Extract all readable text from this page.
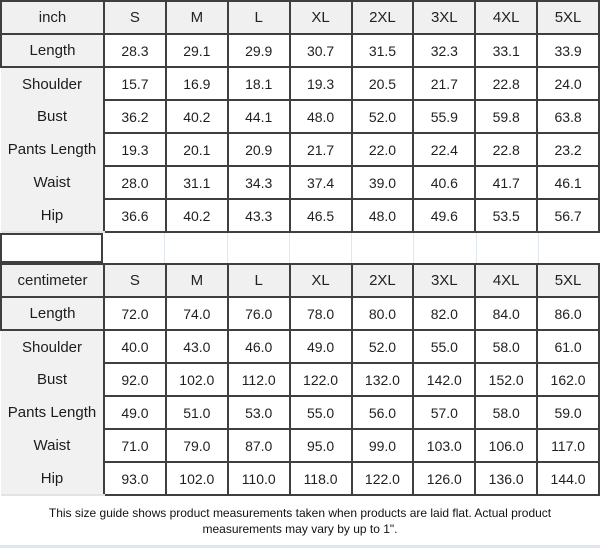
inch	S	M	L	XL	2XL	3XL	4XL	5XL
Length	28.3	29.1	29.9	30.7	31.5	32.3	33.1	33.9
Shoulder	15.7	16.9	18.1	19.3	20.5	21.7	22.8	24.0
Bust	36.2	40.2	44.1	48.0	52.0	55.9	59.8	63.8
Pants Length	19.3	20.1	20.9	21.7	22.0	22.4	22.8	23.2
Waist	28.0	31.1	34.3	37.4	39.0	40.6	41.7	46.1
Hip	36.6	40.2	43.3	46.5	48.0	49.6	53.5	56.7
centimeter	S	M	L	XL	2XL	3XL	4XL	5XL
Length	72.0	74.0	76.0	78.0	80.0	82.0	84.0	86.0
Shoulder	40.0	43.0	46.0	49.0	52.0	55.0	58.0	61.0
Bust	92.0	102.0	112.0	122.0	132.0	142.0	152.0	162.0
Pants Length	49.0	51.0	53.0	55.0	56.0	57.0	58.0	59.0
Waist	71.0	79.0	87.0	95.0	99.0	103.0	106.0	117.0
Hip	93.0	102.0	110.0	118.0	122.0	126.0	136.0	144.0
This size guide shows product measurements taken when products are laid flat. Actual product measurements may vary by up to 1".
